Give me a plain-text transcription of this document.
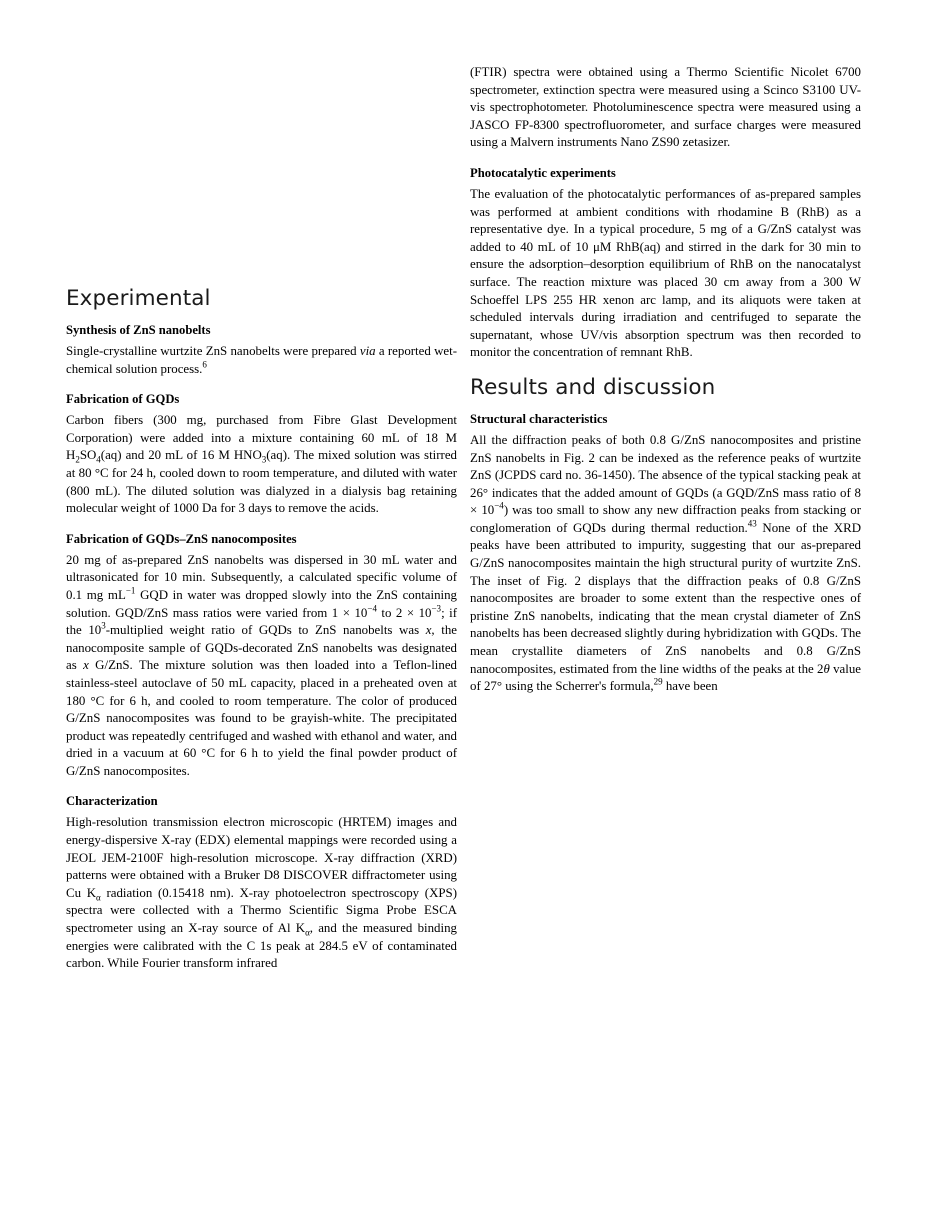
Experimental
Synthesis of ZnS nanobelts

Single-crystalline wurtzite ZnS nanobelts were prepared via a reported wet-chemical solution process.$^6$

Fabrication of GQDs

Carbon fibers (300 mg, purchased from Fibre Glast Development Corporation) were added into a mixture containing 60 mL of 18 M $H_2SO_4(aq)$ and 20 mL of 16 M $HNO_3(aq)$. The mixed solution was stirred at 80 °C for 24 h, cooled down to room temperature, and diluted with water (800 mL). The diluted solution was dialyzed in a dialysis bag retaining molecular weight of 1000 Da for 3 days to remove the acids.

Fabrication of GQDs–ZnS nanocomposites

20 mg of as-prepared ZnS nanobelts was dispersed in 30 mL water and ultrasonicated for 10 min. Subsequently, a calculated specific volume of 0.1 mg $mL^{-1}$ GQD in water was dropped slowly into the ZnS containing solution. GQD/ZnS mass ratios were varied from $1 \times 10^{-4}$ to $2 \times 10^{-3}$; if the $10^3$-multiplied weight ratio of GQDs to ZnS nanobelts was x, the nanocomposite sample of GQDs-decorated ZnS nanobelts was designated as x G/ZnS. The mixture solution was then loaded into a Teflon-lined stainless-steel autoclave of 50 mL capacity, placed in a preheated oven at 180 °C for 6 h, and cooled to room temperature. The color of produced G/ZnS nanocomposites was found to be grayish-white. The precipitated product was repeatedly centrifuged and washed with ethanol and water, and dried in a vacuum at 60 °C for 6 h to yield the final powder product of G/ZnS nanocomposites.

Characterization

High-resolution transmission electron microscopic (HRTEM) images and energy-dispersive X-ray (EDX) elemental mappings were recorded using a JEOL JEM-2100F high-resolution microscope. X-ray diffraction (XRD) patterns were obtained with a Bruker D8 DISCOVER diffractometer using Cu $K_\alpha$ radiation (0.15418 nm). X-ray photoelectron spectroscopy (XPS) spectra were collected with a Thermo Scientific Sigma Probe ESCA spectrometer using an X-ray source of Al $K_\alpha$, and the measured binding energies were calibrated with the C 1s peak at 284.5 eV of contaminated carbon. While Fourier transform infrared

(FTIR) spectra were obtained using a Thermo Scientific Nicolet 6700 spectrometer, extinction spectra were measured using a Scinco S3100 UV-vis spectrophotometer. Photoluminescence spectra were measured using a JASCO FP-8300 spectrofluorometer, and surface charges were measured using a Malvern instruments Nano ZS90 zetasizer.

Photocatalytic experiments

The evaluation of the photocatalytic performances of as-prepared samples was performed at ambient conditions with rhodamine B (RhB) as a representative dye. In a typical procedure, 5 mg of a G/ZnS catalyst was added to 40 mL of 10 μM RhB(aq) and stirred in the dark for 30 min to ensure the adsorption–desorption equilibrium of RhB on the nanocatalyst surface. The reaction mixture was placed 30 cm away from a 300 W Schoeffel LPS 255 HR xenon arc lamp, and its aliquots were taken at scheduled intervals during irradiation and centrifuged to separate the supernatant, whose UV/vis absorption spectrum was then recorded to monitor the concentration of remnant RhB.

Results and discussion
Structural characteristics

All the diffraction peaks of both 0.8 G/ZnS nanocomposites and pristine ZnS nanobelts in Fig. 2 can be indexed as the reference peaks of wurtzite ZnS (JCPDS card no. 36-1450). The absence of the typical stacking peak at 26° indicates that the added amount of GQDs (a GQD/ZnS mass ratio of $8 \times 10^{-4}$) was too small to show any new diffraction peaks from stacking or conglomeration of GQDs during thermal reduction.$^{43}$ None of the XRD peaks have been attributed to impurity, suggesting that our as-prepared G/ZnS nanocomposites maintain the high structural purity of wurtzite ZnS. The inset of Fig. 2 displays that the diffraction peaks of 0.8 G/ZnS nanocomposites are broader to some extent than the respective ones of pristine ZnS nanobelts, indicating that the mean crystal diameter of ZnS nanobelts has been decreased slightly during hybridization with GQDs. The mean crystallite diameters of ZnS nanobelts and 0.8 G/ZnS nanocomposites, estimated from the line widths of the peaks at the 2θ value of 27° using the Scherrer's formula,$^{29}$ have been
